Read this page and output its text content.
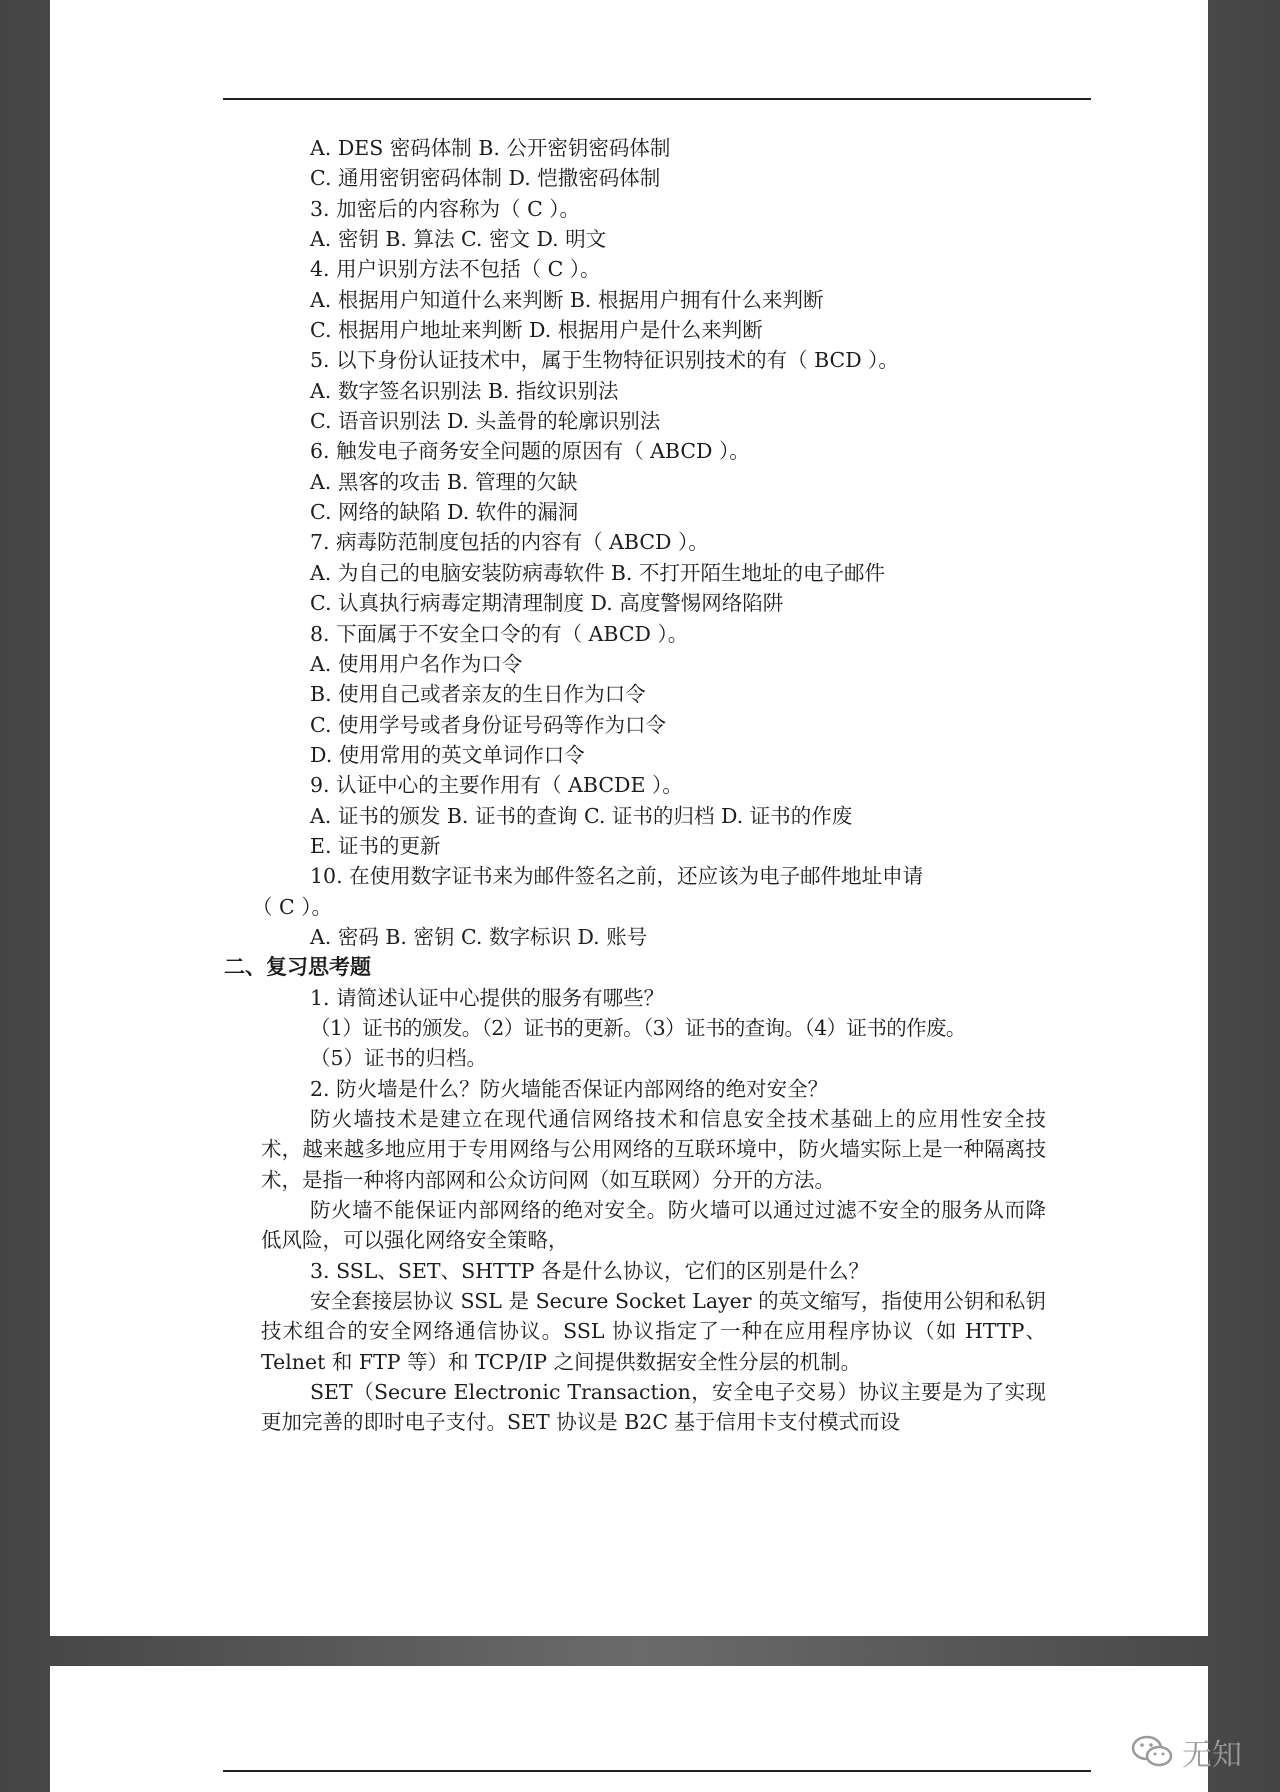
A. DES 密码体制 B. 公开密钥密码体制
C. 通用密钥密码体制 D. 恺撒密码体制
3. 加密后的内容称为（ C ）。
A. 密钥 B. 算法 C. 密文 D. 明文
4. 用户识别方法不包括（ C ）。
A. 根据用户知道什么来判断 B. 根据用户拥有什么来判断
C. 根据用户地址来判断 D. 根据用户是什么来判断
5. 以下身份认证技术中，属于生物特征识别技术的有（ BCD ）。
A. 数字签名识别法 B. 指纹识别法
C. 语音识别法 D. 头盖骨的轮廓识别法
6. 触发电子商务安全问题的原因有（ ABCD ）。
A. 黑客的攻击 B. 管理的欠缺
C. 网络的缺陷 D. 软件的漏洞
7. 病毒防范制度包括的内容有（ ABCD ）。
A. 为自己的电脑安装防病毒软件 B. 不打开陌生地址的电子邮件
C. 认真执行病毒定期清理制度 D. 高度警惕网络陷阱
8. 下面属于不安全口令的有（ ABCD ）。
A. 使用用户名作为口令
B. 使用自己或者亲友的生日作为口令
C. 使用学号或者身份证号码等作为口令
D. 使用常用的英文单词作口令
9. 认证中心的主要作用有（ ABCDE ）。
A. 证书的颁发 B. 证书的查询 C. 证书的归档 D. 证书的作废
E. 证书的更新
10. 在使用数字证书来为邮件签名之前，还应该为电子邮件地址申请
（ C ）。
A. 密码 B. 密钥 C. 数字标识 D. 账号
二、复习思考题
1. 请简述认证中心提供的服务有哪些？
（1）证书的颁发。（2）证书的更新。（3）证书的查询。（4）证书的作废。
（5）证书的归档。
2. 防火墙是什么？防火墙能否保证内部网络的绝对安全？
防火墙技术是建立在现代通信网络技术和信息安全技术基础上的应用性安全技术，越来越多地应用于专用网络与公用网络的互联环境中，防火墙实际上是一种隔离技术，是指一种将内部网和公众访问网（如互联网）分开的方法。
防火墙不能保证内部网络的绝对安全。防火墙可以通过过滤不安全的服务从而降低风险，可以强化网络安全策略，
3. SSL、SET、SHTTP 各是什么协议，它们的区别是什么？
安全套接层协议 SSL 是 Secure Socket Layer 的英文缩写，指使用公钥和私钥技术组合的安全网络通信协议。SSL 协议指定了一种在应用程序协议（如 HTTP、Telnet 和 FTP 等）和 TCP/IP 之间提供数据安全性分层的机制。
SET（Secure Electronic Transaction，安全电子交易）协议主要是为了实现更加完善的即时电子支付。SET 协议是 B2C 基于信用卡支付模式而设
无知
